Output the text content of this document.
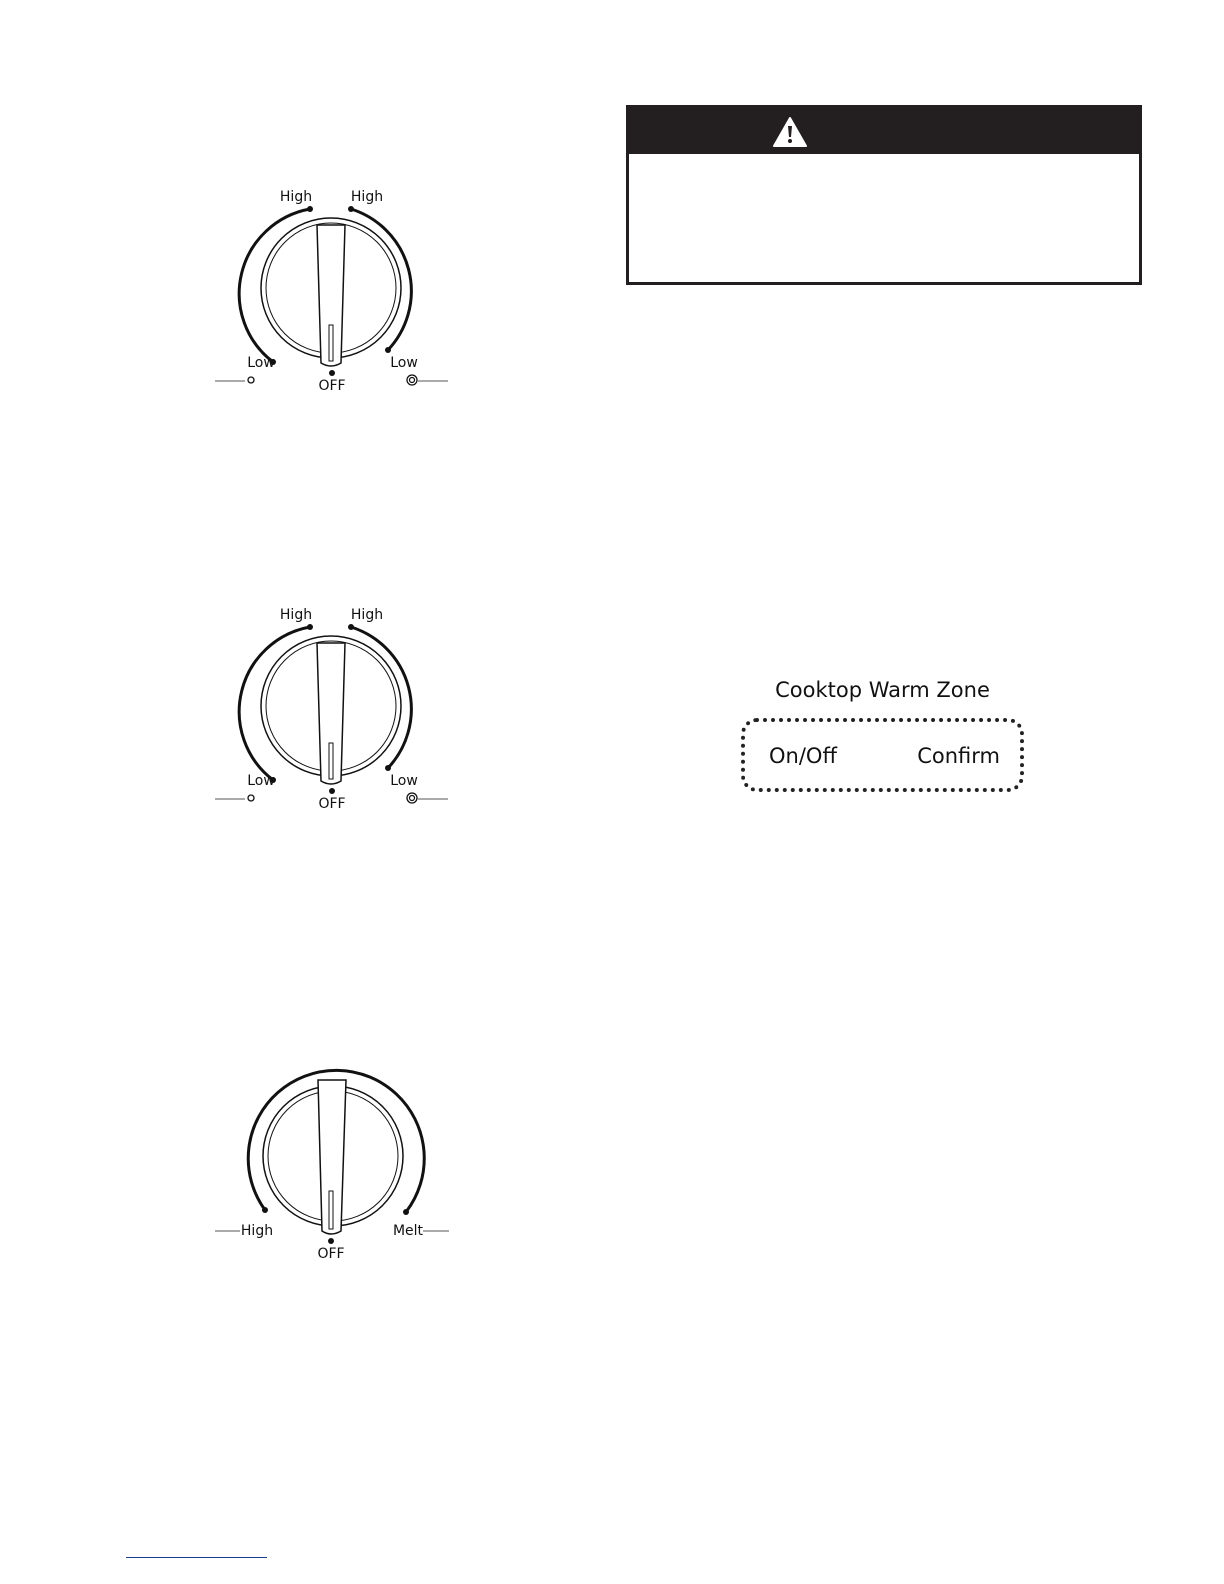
High	High
Low	Low
OFF
High	High
Low	Low
OFF
High
OFF
Melt
Cooktop Warm Zone
On/Off	Confirm
